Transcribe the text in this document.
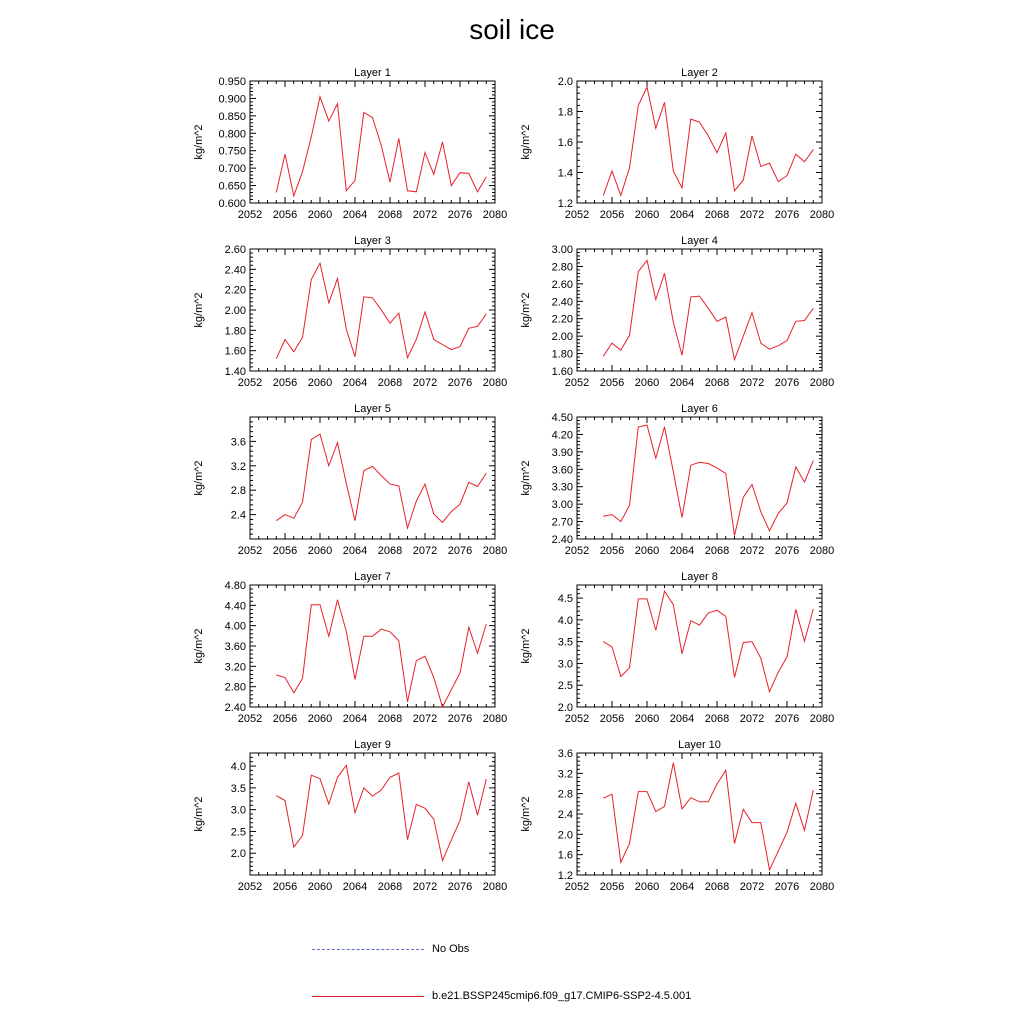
soil ice
Layer 1
kg/m^2
2052 2056 2060 2064 2068 2072 2076 2080
0.600
0.650
0.700
0.750
0.800
0.850
0.900
0.950
Layer 2
kg/m^2
2052 2056 2060 2064 2068 2072 2076 2080
1.2
1.4
1.6
1.8
2.0
Layer 3
kg/m^2
2052 2056 2060 2064 2068 2072 2076 2080
1.40
1.60
1.80
2.00
2.20
2.40
2.60
Layer 4
kg/m^2
2052 2056 2060 2064 2068 2072 2076 2080
1.60
1.80
2.00
2.20
2.40
2.60
2.80
3.00
Layer 5
kg/m^2
2052 2056 2060 2064 2068 2072 2076 2080
2.4
2.8
3.2
3.6
Layer 6
kg/m^2
2052 2056 2060 2064 2068 2072 2076 2080
2.40
2.70
3.00
3.30
3.60
3.90
4.20
4.50
Layer 7
kg/m^2
2052 2056 2060 2064 2068 2072 2076 2080
2.40
2.80
3.20
3.60
4.00
4.40
4.80
Layer 8
kg/m^2
2052 2056 2060 2064 2068 2072 2076 2080
2.0
2.5
3.0
3.5
4.0
4.5
Layer 9
kg/m^2
2052 2056 2060 2064 2068 2072 2076 2080
2.0
2.5
3.0
3.5
4.0
Layer 10
kg/m^2
2052 2056 2060 2064 2068 2072 2076 2080
1.2
1.6
2.0
2.4
2.8
3.2
3.6
No Obs
b.e21.BSSP245cmip6.f09_g17.CMIP6-SSP2-4.5.001
